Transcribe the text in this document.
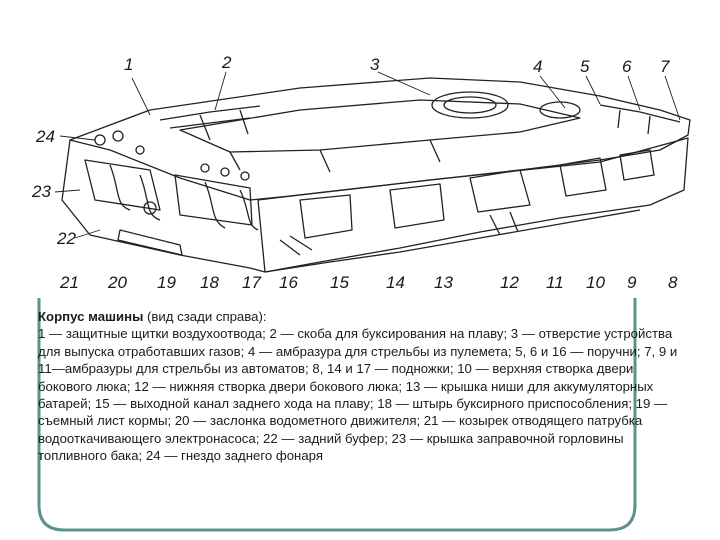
1	2	3	4 5 6 7
24
23
22
21 20 19 18 17 16 15 14 13	12 11 10 9 8

Корпус машины (вид сзади справа):

1 — защитные щитки воздухоотвода; 2 — скоба для буксирования на плаву; 3 — отверстие устройства для выпуска отработавших газов; 4 — амбразура для стрельбы из пулемета; 5, 6 и 16 — поручни; 7, 9 и 11—амбразуры для стрельбы из автоматов; 8, 14 и 17 — подножки; 10 — верхняя створка двери бокового люка; 12 — нижняя створка двери бокового люка; 13 — крышка ниши для аккумуляторных батарей; 15 — выходной канал заднего хода на плаву; 18 — штырь буксирного приспособления; 19 — съемный лист кормы; 20 — заслонка водометного движителя; 21 — козырек отводящего патрубка водооткачивающего электронасоса; 22 — задний буфер; 23 — крышка заправочной горловины топливного бака; 24 — гнездо заднего фонаря
